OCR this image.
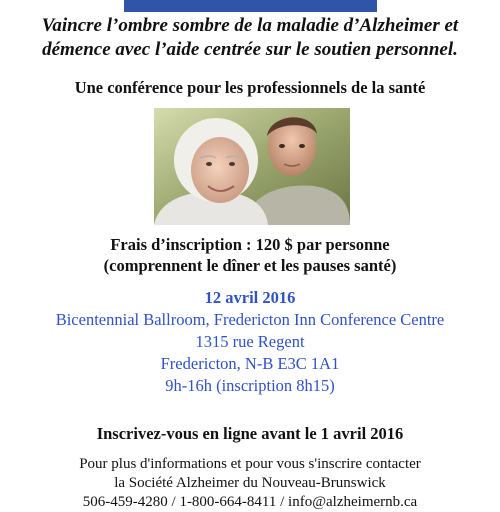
Vaincre l’ombre sombre de la maladie d’Alzheimer et
démence avec l’aide centrée sur le soutien personnel.
Une conférence pour les professionnels de la santé
Frais d’inscription : 120 $ par personne
(comprennent le dîner et les pauses santé)
12 avril 2016
Bicentennial Ballroom, Fredericton Inn Conference Centre
1315 rue Regent
Fredericton, N-B E3C 1A1
9h-16h (inscription 8h15)
Inscrivez-vous en ligne avant le 1 avril 2016
Pour plus d'informations et pour vous s'inscrire contacter
la Société Alzheimer du Nouveau-Brunswick
506-459-4280 / 1-800-664-8411 / info@alzheimernb.ca
